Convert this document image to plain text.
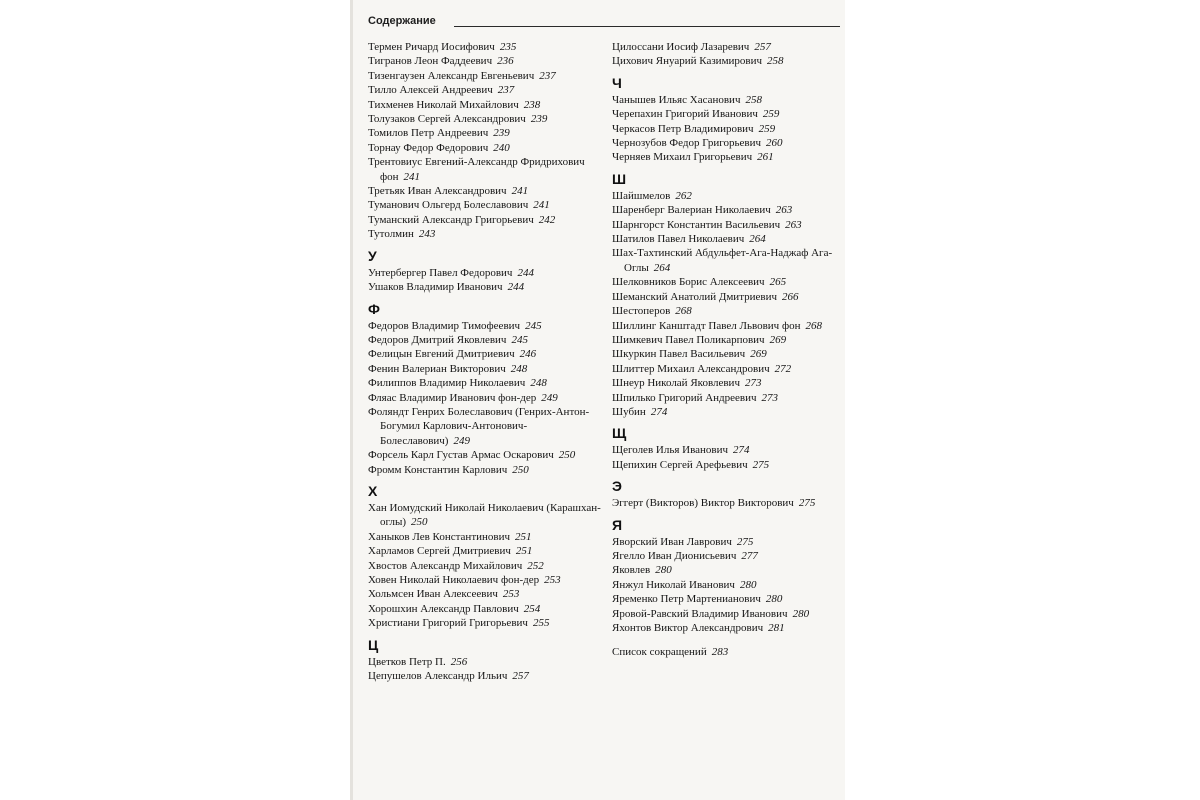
Содержание
Термен Ричард Иосифович 235
Тигранов Леон Фаддеевич 236
Тизенгаузен Александр Евгеньевич 237
Тилло Алексей Андреевич 237
Тихменев Николай Михайлович 238
Толузаков Сергей Александрович 239
Томилов Петр Андреевич 239
Торнау Федор Федорович 240
Трентовиус Евгений-Александр Фридрихович фон 241
Третьяк Иван Александрович 241
Туманович Ольгерд Болеславович 241
Туманский Александр Григорьевич 242
Тутолмин 243
У
Унтербергер Павел Федорович 244
Ушаков Владимир Иванович 244
Ф
Федоров Владимир Тимофеевич 245
Федоров Дмитрий Яковлевич 245
Фелицын Евгений Дмитриевич 246
Фенин Валериан Викторович 248
Филиппов Владимир Николаевич 248
Фляас Владимир Иванович фон-дер 249
Фоляндт Генрих Болеславович (Генрих-Антон-Богумил Карлович-Антонович-Болеславович) 249
Форсель Карл Густав Армас Оскарович 250
Фромм Константин Карлович 250
Х
Хан Иомудский Николай Николаевич (Карашхан-оглы) 250
Ханыков Лев Константинович 251
Харламов Сергей Дмитриевич 251
Хвостов Александр Михайлович 252
Ховен Николай Николаевич фон-дер 253
Хольмсен Иван Алексеевич 253
Хорошхин Александр Павлович 254
Христиани Григорий Григорьевич 255
Ц
Цветков Петр П. 256
Цепушелов Александр Ильич 257
Цилоссани Иосиф Лазаревич 257
Цихович Януарий Казимирович 258
Ч
Чанышев Ильяс Хасанович 258
Черепахин Григорий Иванович 259
Черкасов Петр Владимирович 259
Чернозубов Федор Григорьевич 260
Черняев Михаил Григорьевич 261
Ш
Шайшмелов 262
Шаренберг Валериан Николаевич 263
Шарнгорст Константин Васильевич 263
Шатилов Павел Николаевич 264
Шах-Тахтинский Абдульфет-Ага-Наджаф Ага-Оглы 264
Шелковников Борис Алексеевич 265
Шеманский Анатолий Дмитриевич 266
Шестоперов 268
Шиллинг Канштадт Павел Львович фон 268
Шимкевич Павел Поликарпович 269
Шкуркин Павел Васильевич 269
Шлиттер Михаил Александрович 272
Шнеур Николай Яковлевич 273
Шпилько Григорий Андреевич 273
Шубин 274
Щ
Щеголев Илья Иванович 274
Щепихин Сергей Арефьевич 275
Э
Эггерт (Викторов) Виктор Викторович 275
Я
Яворский Иван Лаврович 275
Ягелло Иван Дионисьевич 277
Яковлев 280
Янжул Николай Иванович 280
Яременко Петр Мартенианович 280
Яровой-Равский Владимир Иванович 280
Яхонтов Виктор Александрович 281
Список сокращений 283
